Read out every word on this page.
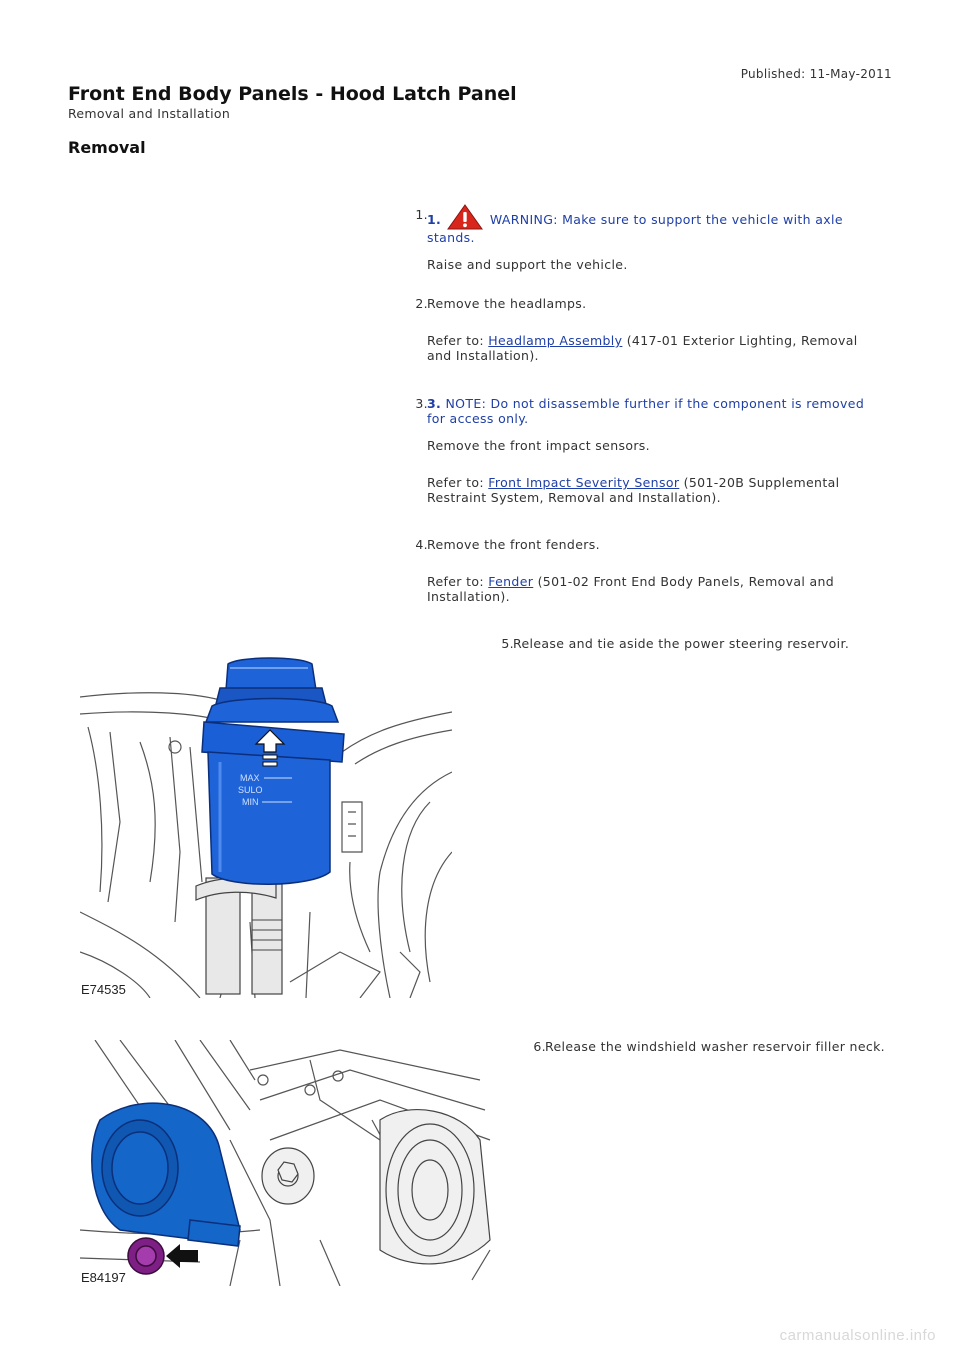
Published: 11-May-2011
Front End Body Panels - Hood Latch Panel
Removal and Installation
Removal
1. 1.	WARNING: Make sure to support the vehicle with axle stands.

Raise and support the vehicle.

2. Remove the headlamps.

Refer to: Headlamp Assembly (417-01 Exterior Lighting, Removal and Installation).

3. 3. NOTE: Do not disassemble further if the component is removed for access only.

Remove the front impact sensors.

Refer to: Front Impact Severity Sensor (501-20B Supplemental Restraint System, Removal and Installation).

4. Remove the front fenders.

Refer to: Fender (501-02 Front End Body Panels, Removal and Installation).

5. Release and tie aside the power steering reservoir.

MAX
SULO
MIN
E74535
6. Release the windshield washer reservoir filler neck.

E84197
carmanualsonline.info
